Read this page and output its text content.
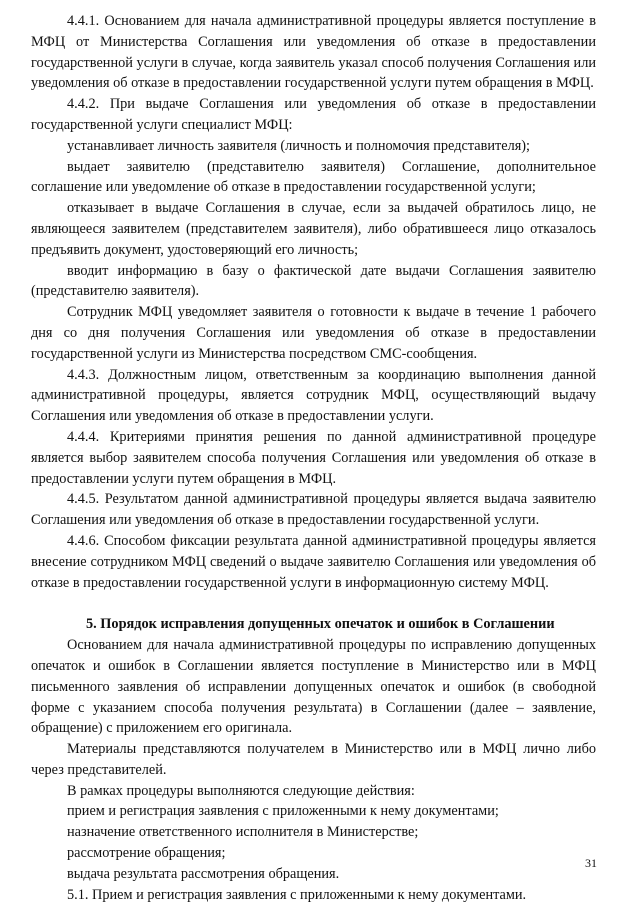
4.4.1. Основанием для начала административной процедуры является поступление в МФЦ от Министерства Соглашения или уведомления об отказе в предоставлении государственной услуги в случае, когда заявитель указал способ получения Соглашения или уведомления об отказе в предоставлении государственной услуги путем обращения в МФЦ.

4.4.2. При выдаче Соглашения или уведомления об отказе в предоставлении государственной услуги специалист МФЦ:

устанавливает личность заявителя (личность и полномочия представителя);

выдает заявителю (представителю заявителя) Соглашение, дополнительное соглашение или уведомление об отказе в предоставлении государственной услуги;

отказывает в выдаче Соглашения в случае, если за выдачей обратилось лицо, не являющееся заявителем (представителем заявителя), либо обратившееся лицо отказалось предъявить документ, удостоверяющий его личность;

вводит информацию в базу о фактической дате выдачи Соглашения заявителю (представителю заявителя).

Сотрудник МФЦ уведомляет заявителя о готовности к выдаче в течение 1 рабочего дня со дня получения Соглашения или уведомления об отказе в предоставлении государственной услуги из Министерства посредством СМС-сообщения.

4.4.3. Должностным лицом, ответственным за координацию выполнения данной административной процедуры, является сотрудник МФЦ, осуществляющий выдачу Соглашения или уведомления об отказе в предоставлении услуги.

4.4.4. Критериями принятия решения по данной административной процедуре является выбор заявителем способа получения Соглашения или уведомления об отказе в предоставлении услуги путем обращения в МФЦ.

4.4.5. Результатом данной административной процедуры является выдача заявителю Соглашения или уведомления об отказе в предоставлении государственной услуги.

4.4.6. Способом фиксации результата данной административной процедуры является внесение сотрудником МФЦ сведений о выдаче заявителю Соглашения или уведомления об отказе в предоставлении государственной услуги в информационную систему МФЦ.

5. Порядок исправления допущенных опечаток и ошибок в Соглашении

Основанием для начала административной процедуры по исправлению допущенных опечаток и ошибок в Соглашении является поступление в Министерство или в МФЦ письменного заявления об исправлении допущенных опечаток и ошибок (в свободной форме с указанием способа получения результата) в Соглашении (далее – заявление, обращение) с приложением его оригинала.

Материалы представляются получателем в Министерство или в МФЦ лично либо через представителей.

В рамках процедуры выполняются следующие действия:

прием и регистрация заявления с приложенными к нему документами;

назначение ответственного исполнителя в Министерстве;

рассмотрение обращения;

выдача результата рассмотрения обращения.

5.1. Прием и регистрация заявления с приложенными к нему документами.

31
